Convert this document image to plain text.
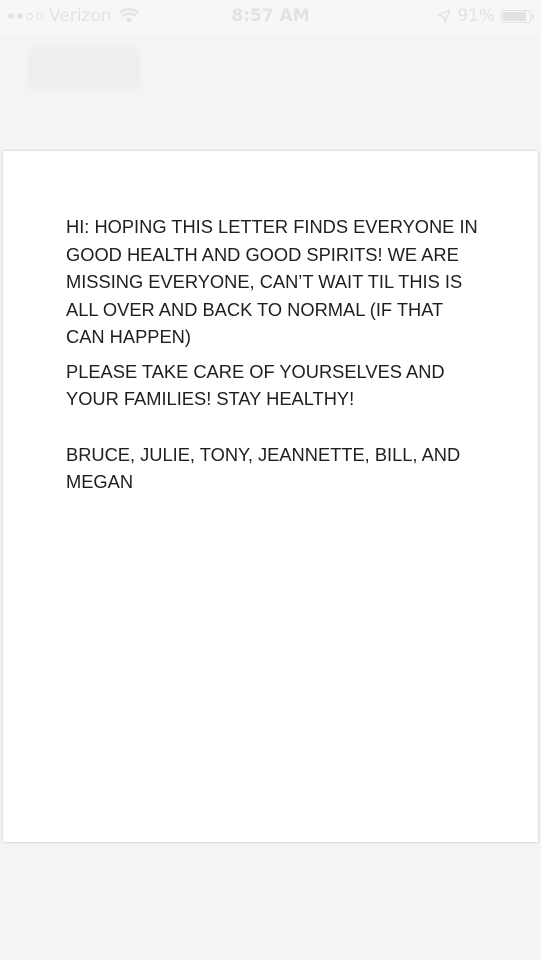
Verizon	8:57 AM	91%

HI: HOPING THIS LETTER FINDS EVERYONE IN GOOD HEALTH AND GOOD SPIRITS! WE ARE MISSING EVERYONE, CAN’T WAIT TIL THIS IS ALL OVER AND BACK TO NORMAL (IF THAT CAN HAPPEN)

PLEASE TAKE CARE OF YOURSELVES AND YOUR FAMILIES! STAY HEALTHY!

BRUCE, JULIE, TONY, JEANNETTE, BILL, AND MEGAN
